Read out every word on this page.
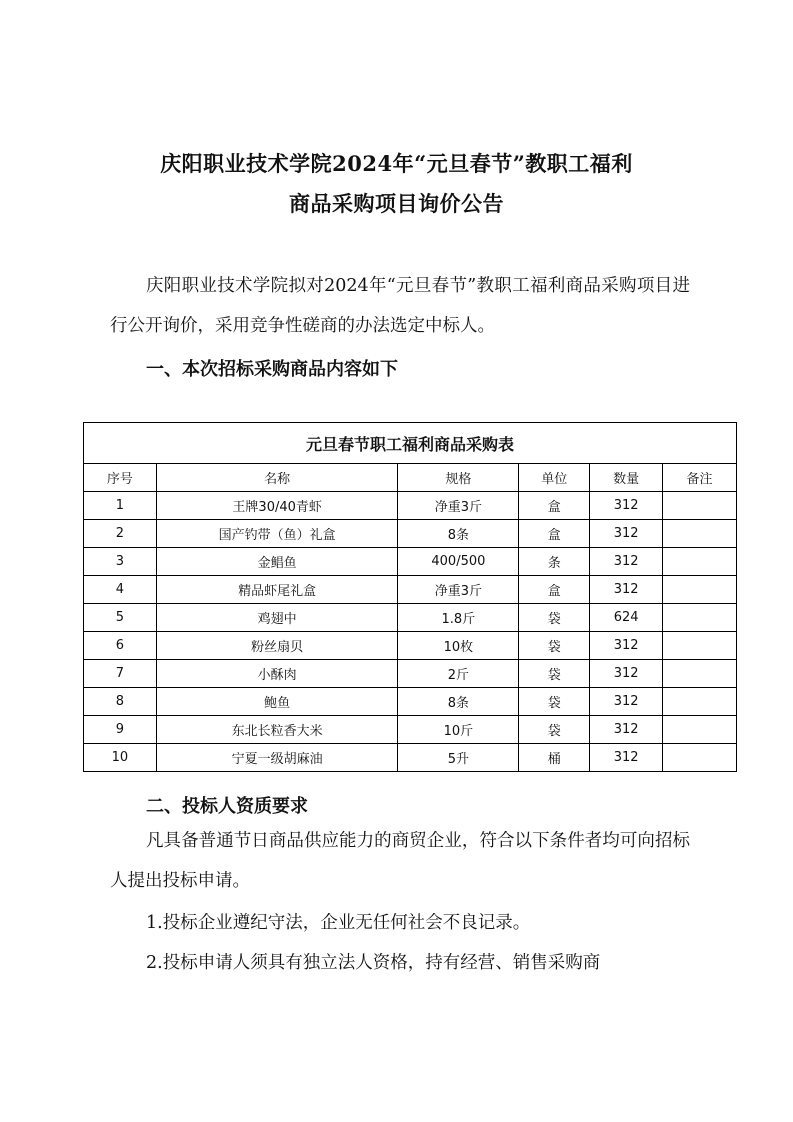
庆阳职业技术学院2024年“元旦春节”教职工福利
商品采购项目询价公告
庆阳职业技术学院拟对2024年“元旦春节”教职工福利商品采购项目进行公开询价，采用竞争性磋商的办法选定中标人。
一、本次招标采购商品内容如下
元旦春节职工福利商品采购表					
序号	名称	规格	单位	数量	备注
1	王牌30/40青虾	净重3斤	盒	312	
2	国产钓带（鱼）礼盒	8条	盒	312	
3	金鲳鱼	400/500	条	312	
4	精品虾尾礼盒	净重3斤	盒	312	
5	鸡翅中	1.8斤	袋	624	
6	粉丝扇贝	10枚	袋	312	
7	小酥肉	2斤	袋	312	
8	鲍鱼	8条	袋	312	
9	东北长粒香大米	10斤	袋	312	
10	宁夏一级胡麻油	5升	桶	312	
二、投标人资质要求
凡具备普通节日商品供应能力的商贸企业，符合以下条件者均可向招标人提出投标申请。
1.投标企业遵纪守法，企业无任何社会不良记录。
2.投标申请人须具有独立法人资格，持有经营、销售采购商
